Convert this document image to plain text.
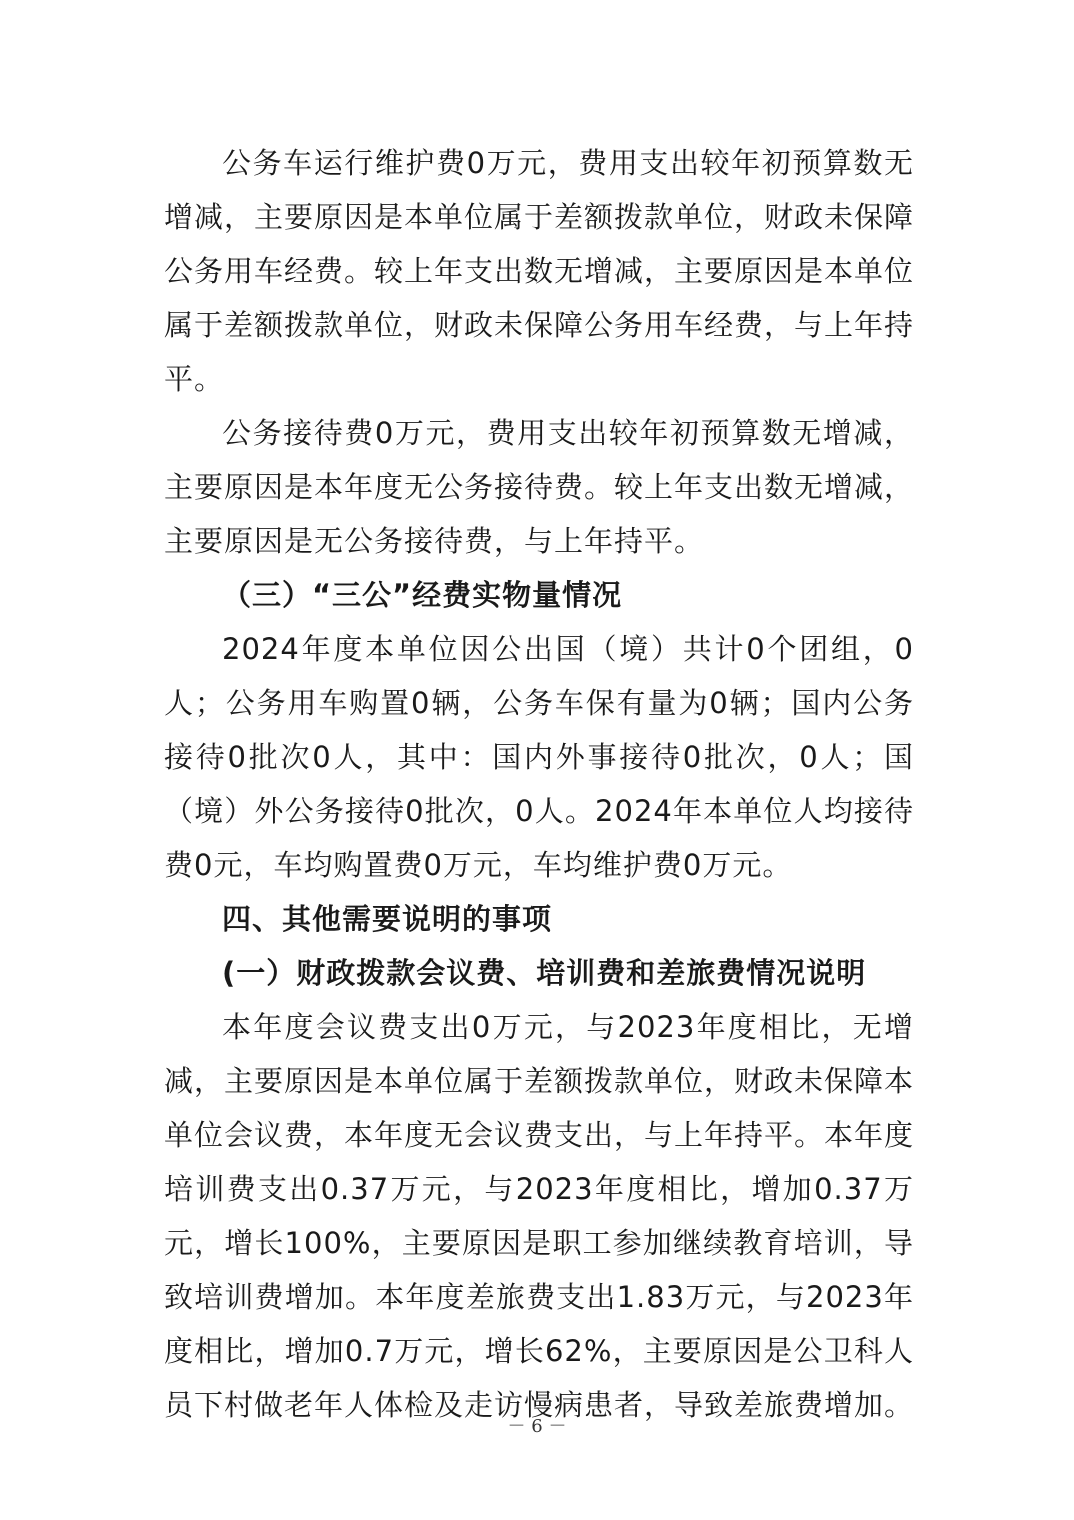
公务车运行维护费0万元，费用支出较年初预算数无增减，主要原因是本单位属于差额拨款单位，财政未保障公务用车经费。较上年支出数无增减，主要原因是本单位属于差额拨款单位，财政未保障公务用车经费，与上年持平。

公务接待费0万元，费用支出较年初预算数无增减，主要原因是本年度无公务接待费。较上年支出数无增减，主要原因是无公务接待费，与上年持平。

（三）“三公”经费实物量情况

2024年度本单位因公出国（境）共计0个团组，0人；公务用车购置0辆，公务车保有量为0辆；国内公务接待0批次0人，其中：国内外事接待0批次，0人；国（境）外公务接待0批次，0人。2024年本单位人均接待费0元，车均购置费0万元，车均维护费0万元。

四、其他需要说明的事项

(一）财政拨款会议费、培训费和差旅费情况说明

本年度会议费支出0万元，与2023年度相比，无增减，主要原因是本单位属于差额拨款单位，财政未保障本单位会议费，本年度无会议费支出，与上年持平。本年度培训费支出0.37万元，与2023年度相比，增加0.37万元，增长100%，主要原因是职工参加继续教育培训，导致培训费增加。本年度差旅费支出1.83万元，与2023年度相比，增加0.7万元，增长62%，主要原因是公卫科人员下村做老年人体检及走访慢病患者，导致差旅费增加。

－ 6 －
